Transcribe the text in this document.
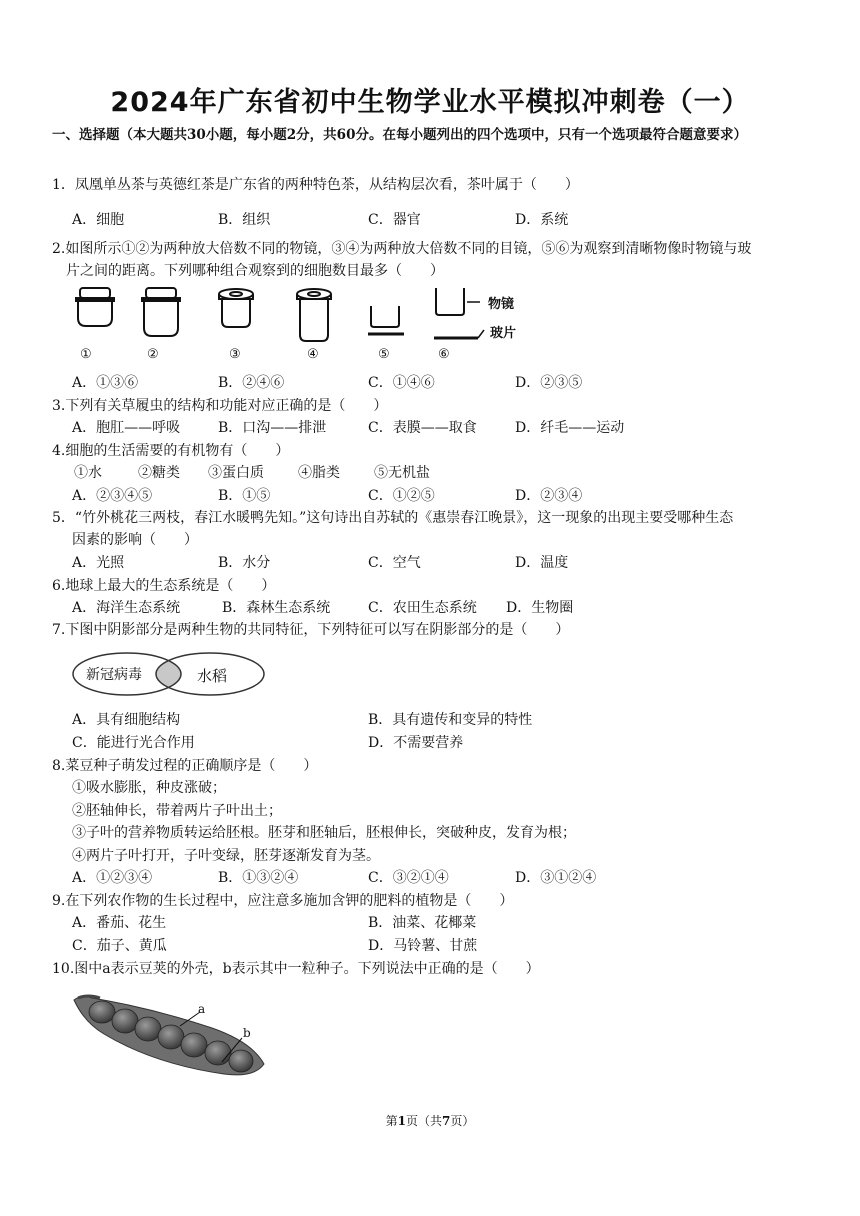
2024年广东省初中生物学业水平模拟冲刺卷（一）
一、选择题（本大题共30小题，每小题2分，共60分。在每小题列出的四个选项中，只有一个选项最符合题意要求）
1．凤凰单丛茶与英德红茶是广东省的两种特色茶，从结构层次看，茶叶属于（　　）
A．细胞	B．组织	C．器官	D．系统
2.如图所示①②为两种放大倍数不同的物镜，③④为两种放大倍数不同的目镜，⑤⑥为观察到清晰物像时物镜与玻
片之间的距离。下列哪种组合观察到的细胞数目最多（　　）
物镜
玻片
①	②	③	④	⑤	⑥
A．①③⑥	B．②④⑥	C．①④⑥	D．②③⑤
3.下列有关草履虫的结构和功能对应正确的是（　　）
A．胞肛——呼吸	B．口沟——排泄	C．表膜——取食	D．纤毛——运动
4.细胞的生活需要的有机物有（　　）
①水	②糖类 ③蛋白质 ④脂类 ⑤无机盐
A．②③④⑤	B．①⑤	C．①②⑤	D．②③④
5．“竹外桃花三两枝，春江水暖鸭先知。”这句诗出自苏轼的《惠崇春江晚景》，这一现象的出现主要受哪种生态
因素的影响（　　）
A．光照	B．水分	C．空气	D．温度
6.地球上最大的生态系统是（　　）
A．海洋生态系统	B．森林生态系统	C．农田生态系统 D．生物圈
7.下图中阴影部分是两种生物的共同特征，下列特征可以写在阴影部分的是（　　）
新冠病毒	水稻
A．具有细胞结构	B．具有遗传和变异的特性
C．能进行光合作用	D．不需要营养
8.菜豆种子萌发过程的正确顺序是（　　）
①吸水膨胀，种皮涨破；
②胚轴伸长，带着两片子叶出土；
③子叶的营养物质转运给胚根。胚芽和胚轴后，胚根伸长，突破种皮，发育为根；
④两片子叶打开，子叶变绿，胚芽逐渐发育为茎。
A．①②③④	B．①③②④	C．③②①④	D．③①②④
9.在下列农作物的生长过程中，应注意多施加含钾的肥料的植物是（　　）
A．番茄、花生	B．油菜、花椰菜
C．茄子、黄瓜	D．马铃薯、甘蔗
10.图中a表示豆荚的外壳，b表示其中一粒种子。下列说法中正确的是（　　）
a
b
第1页（共7页）
